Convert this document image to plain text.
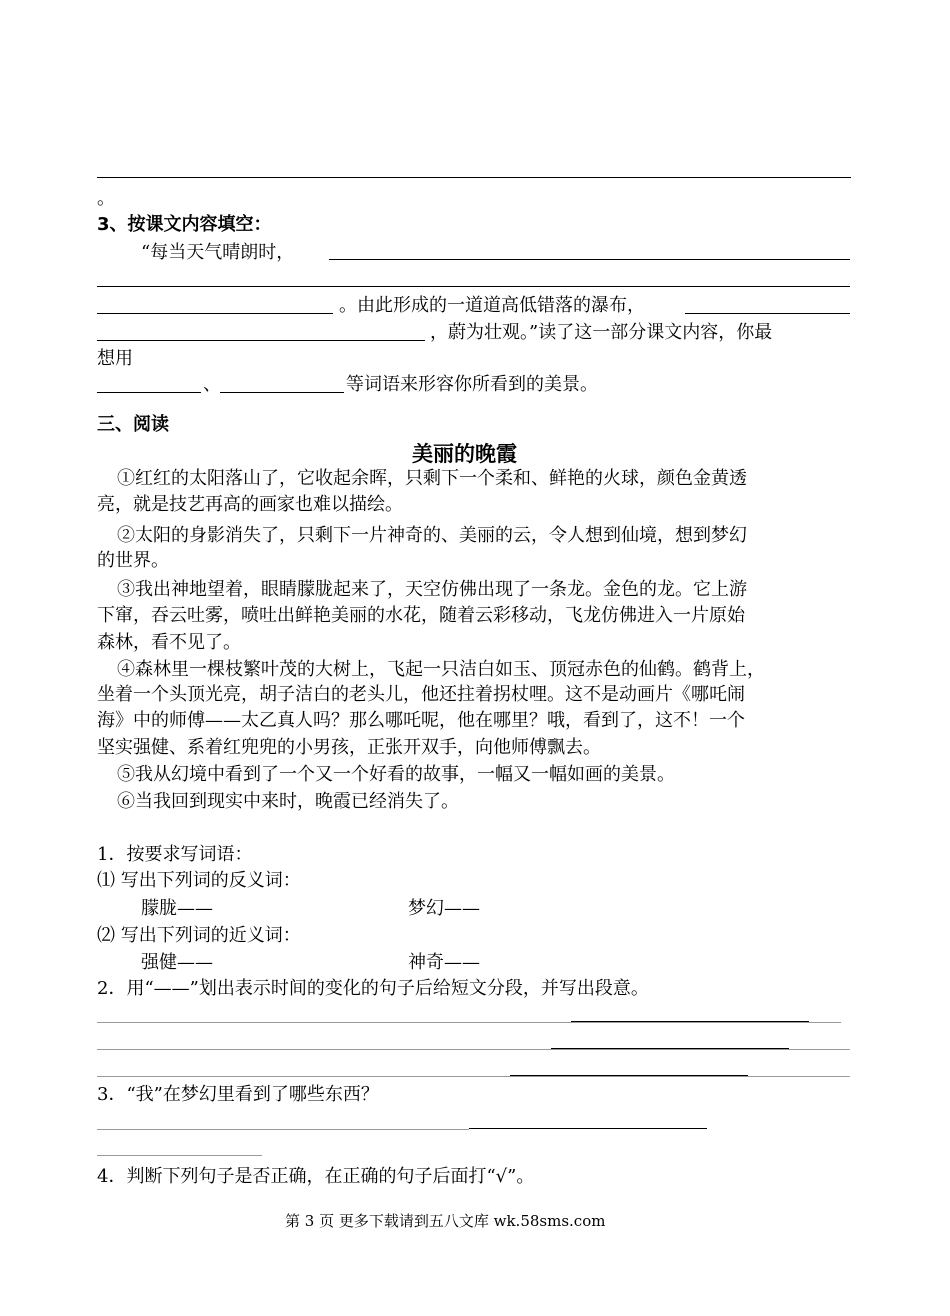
。
3、按课文内容填空：
“每当天气晴朗时，
。由此形成的一道道高低错落的瀑布，
，蔚为壮观。”读了这一部分课文内容，你最
想用
、	等词语来形容你所看到的美景。
三、阅读
美丽的晚霞
①红红的太阳落山了，它收起余晖，只剩下一个柔和、鲜艳的火球，颜色金黄透
亮，就是技艺再高的画家也难以描绘。
②太阳的身影消失了，只剩下一片神奇的、美丽的云，令人想到仙境，想到梦幻
的世界。
③我出神地望着，眼睛朦胧起来了，天空仿佛出现了一条龙。金色的龙。它上游
下窜，吞云吐雾，喷吐出鲜艳美丽的水花，随着云彩移动，飞龙仿佛进入一片原始
森林，看不见了。
④森林里一棵枝繁叶茂的大树上，飞起一只洁白如玉、顶冠赤色的仙鹤。鹤背上，
坐着一个头顶光亮，胡子洁白的老头儿，他还拄着拐杖哩。这不是动画片《哪吒闹
海》中的师傅——太乙真人吗？那么哪吒呢，他在哪里？哦，看到了，这不！一个
坚实强健、系着红兜兜的小男孩，正张开双手，向他师傅飘去。
⑤我从幻境中看到了一个又一个好看的故事，一幅又一幅如画的美景。
⑥当我回到现实中来时，晚霞已经消失了。
1．按要求写词语：
⑴ 写出下列词的反义词：
朦胧——	梦幻——
⑵ 写出下列词的近义词：
强健——	神奇——
2．用“——”划出表示时间的变化的句子后给短文分段，并写出段意。
3．“我”在梦幻里看到了哪些东西？
4．判断下列句子是否正确，在正确的句子后面打“√”。
第 3 页 更多下载请到五八文库 wk.58sms.com
